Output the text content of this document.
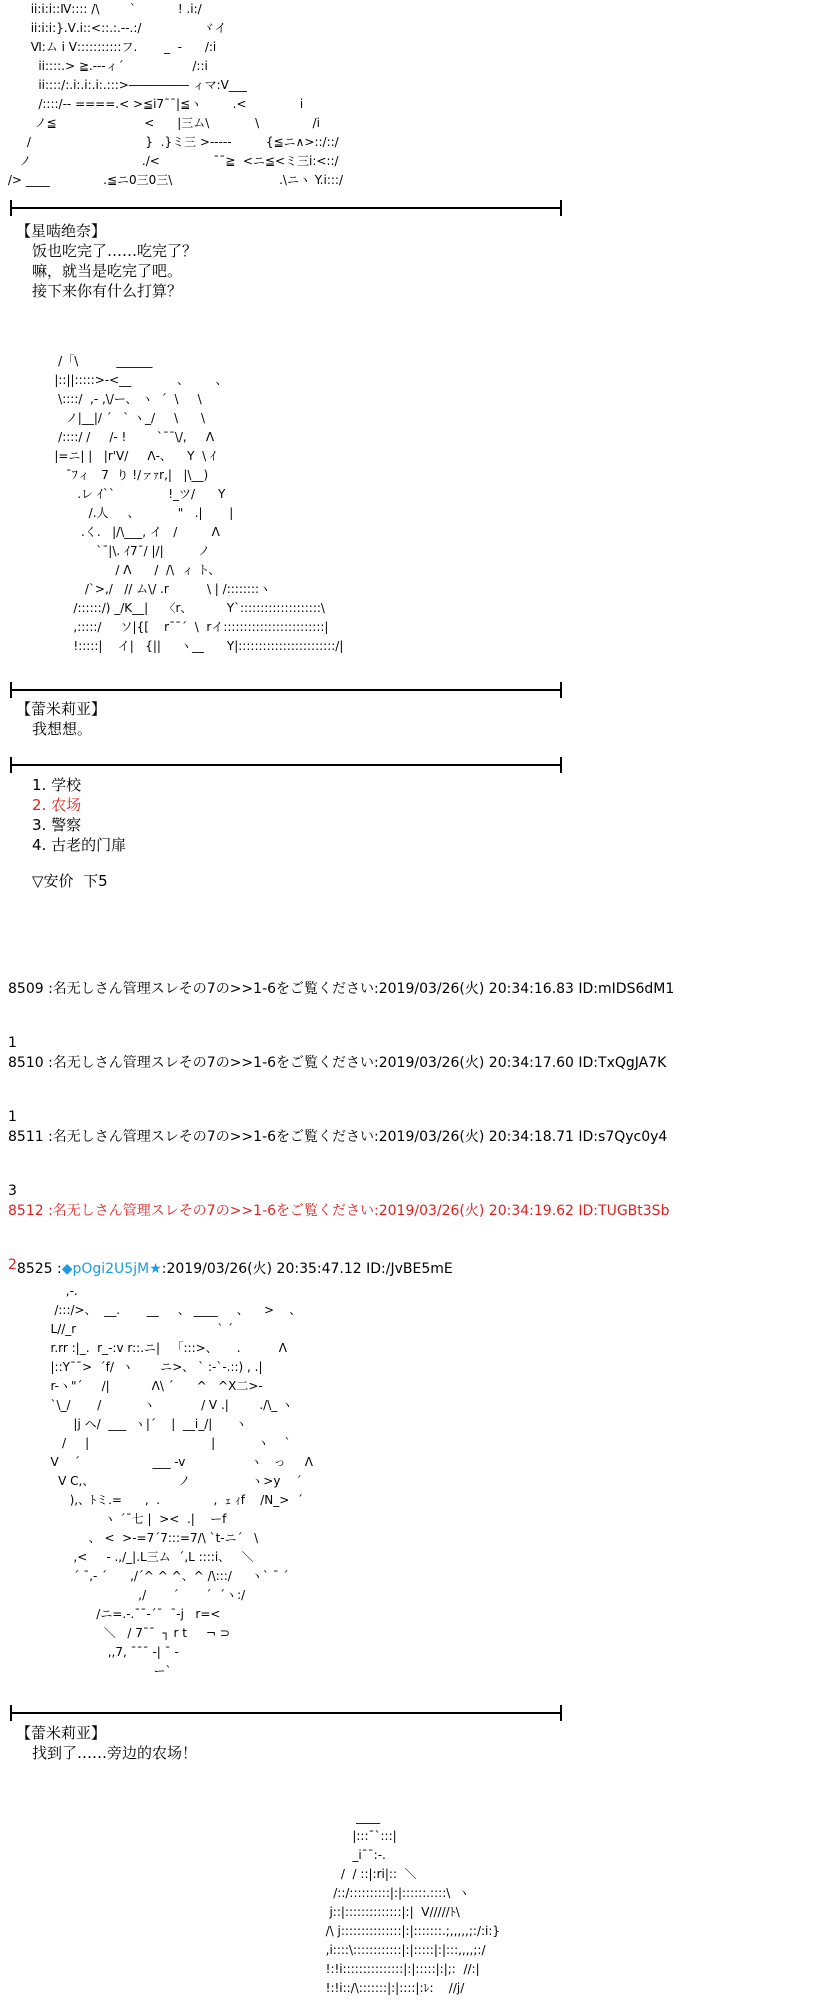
ii:i:i::Ⅳ:::: /\        `           ! .i:/
ii:i:i:}.Ⅴ.i::<::.:.--.:/                ヾイ
Ⅵ:ム i Ⅴ:::::::::::フ.       _  -      /:i
ii::::.> ≧.---ィ´                  /::i
ii::::/:.i:.i:.i:.:::>――――― ィマ:Ⅴ___
/::::/-- ====.< >≦i7¯¯|≦ヽ        .<              i
ノ≦                       <      |三ム\            \              /i
/                              }  .}ミ三 >-----         {≦ニ∧>::/::/
ノ                             ./<              ¯¯≧  <ニ≦<ミ三i:<::/
/> ____              .≦ニ0三0三\                            .\ニヽ Y.i:::/
【星啮绝奈】
饭也吃完了……吃完了？
嘛，就当是吃完了吧。
接下来你有什么打算？
/「\          ______
|::||:::::>-<__            、       、
\::::/  ,- ,\/ー、 ヽ  ´  \     \
ノ|__|/ ´   ` ヽ_/     \      \
/::::/ /     /- !        `¯¯\/,     Λ
|=ニ| |   |r'V/     Λ-、    Y  \ ｲ
¯ﾌィ   7  り !/ァｧr,|   |\__)
.レ ｲ``              !_ツ/      Y
/.人     、          "   .|       |
.く.   |/\___, イ   /         Λ
`¯|\. ｲ7¯/ |/|         ノ
/ Λ      /  /\  ィ ト、
/`>,/   // ム\/ .r          \ | /::::::::ヽ
/::::::/) _/K__|    〈r、         Y`::::::::::::::::::::\
,:::::/     ソ|{[    r¯¯´  \  rイ:::::::::::::::::::::::::|
!:::::|    イ|   {||     ヽ__      Y|::::::::::::::::::::::::/|
【蕾米莉亚】
我想想。
1. 学校
2. 农场
3. 警察
4. 古老的门扉
▽安价  下5

8509 :名无しさん管理スレその7の>>1-6をご覧ください:2019/03/26(火) 20:34:16.83 ID:mIDS6dM1

1

8510 :名无しさん管理スレその7の>>1-6をご覧ください:2019/03/26(火) 20:34:17.60 ID:TxQgJA7K

1

8511 :名无しさん管理スレその7の>>1-6をご覧ください:2019/03/26(火) 20:34:18.71 ID:s7Qyc0y4

3

8512 :名无しさん管理スレその7の>>1-6をご覧ください:2019/03/26(火) 20:34:19.62 ID:TUGBt3Sb

2 8525 :◆pOgi2U5jM★:2019/03/26(火) 20:35:47.12 ID:/JvBE5mE

,-.
/:::/>、  __.       __     、 ____     、    >    、
L//_r                                     ` ´
r.rr :|_.  r_-:v r::.ニ|   「:::>、     .          Λ
|::Y¯¯>  ´f/  ヽ       ニ>、 ` :-`-.::) , .|
r-ヽ"´     /|           Λ\ ´      ^   ^X二>-
`\_/       /           ヽ            / V .|        ./\_ ヽ
|j ヘ/  ___  ヽ|´    |  __i_/|      ヽ
/     |                                |           ヽ    `
V    ´                   ___ -v                 ヽ   っ     Λ
V C,、                      ノ                ヽ>y    ´
),、ﾄミ.=      ,  .              ,  ｪ ｨf    /N_>  ˊ
ヽ ´¯七 |  ><  .|    ーf
、 <  >-=7´7:::=7/\ `t-ニ´   \
,<     ‐ .,/_|.L三ム  ´,L ::::i、   ＼
´ ¯,- ´      ,/´^ ^ ^、^ /\:::/     ヽ` ¯ ´
,/       ´       ´  ´ヽ:/
/ニ=.-.¯¯-´¯  ¯-j   r=<
＼   / 7¯¯  ┐ r t     ¬ ⊃
,,7, ¯¯¯ -| ¯ -
ー`
【蕾米莉亚】
找到了……旁边的农场！
____
|:::¯`:::|
_i¯¯:-.
/  / ::|:ri|::  ＼
/::/::::::::::|:|::::::.::::\  ヽ
j::|::::::::::::::|:|  V/////ﾄ\
/\ j:::::::::::::::|:|:::::::.;,,,,,;:/:i:}
,i::::\::::::::::::|:|:::::|:|:::,,,,;:/
!:!i:::::::::::::::|:|:::::|:|;:  //:|
!:!i::/\:::::::|:|::::|:ﾚ:    //j/
